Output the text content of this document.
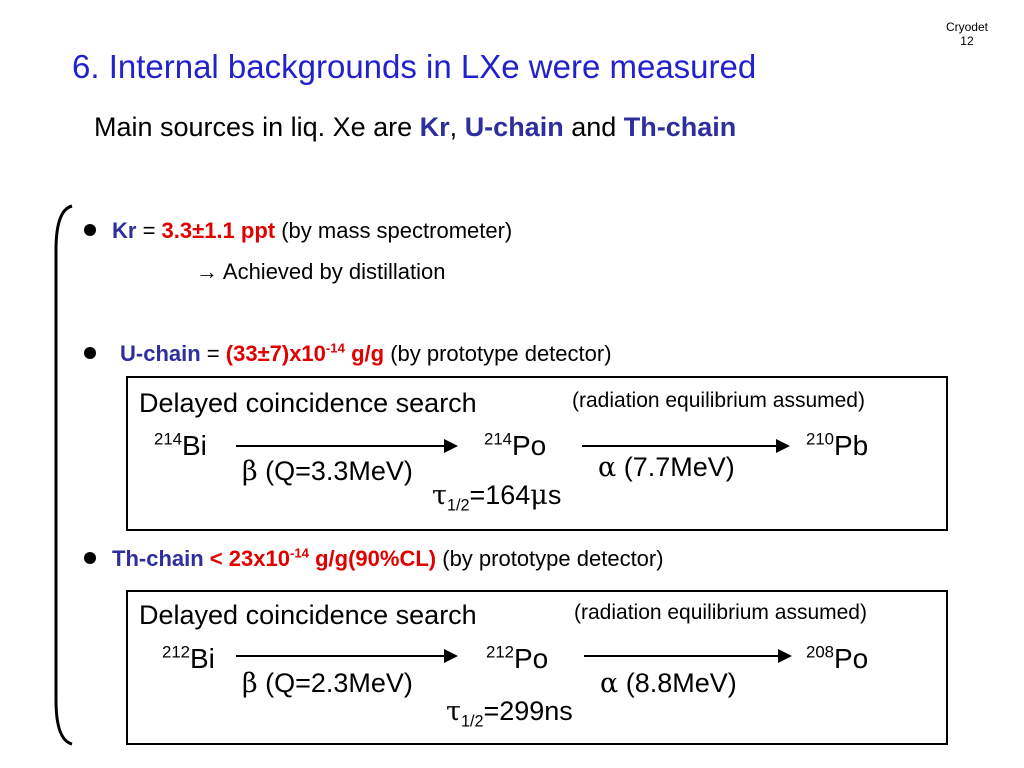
Cryodet
12
6. Internal backgrounds in LXe were measured
Main sources in liq. Xe are Kr, U-chain and Th-chain
Kr = 3.3±1.1 ppt (by mass spectrometer)
→ Achieved by distillation
U-chain = $(33\pm 7)x10^{-14}$ g/g (by prototype detector)
Delayed coincidence search	(radiation equilibrium assumed)
$^{214}$Bi	$^{214}$Po	$^{210}$Pb
β (Q=3.3MeV)	α (7.7MeV)
$\tau_{1/2}=164\mu s$
Th-chain < $23x10^{-14}$ g/g(90%CL) (by prototype detector)
Delayed coincidence search	(radiation equilibrium assumed)
$^{212}$Bi	$^{212}$Po	$^{208}$Po
β (Q=2.3MeV)	α (8.8MeV)
$\tau_{1/2}=299ns$
